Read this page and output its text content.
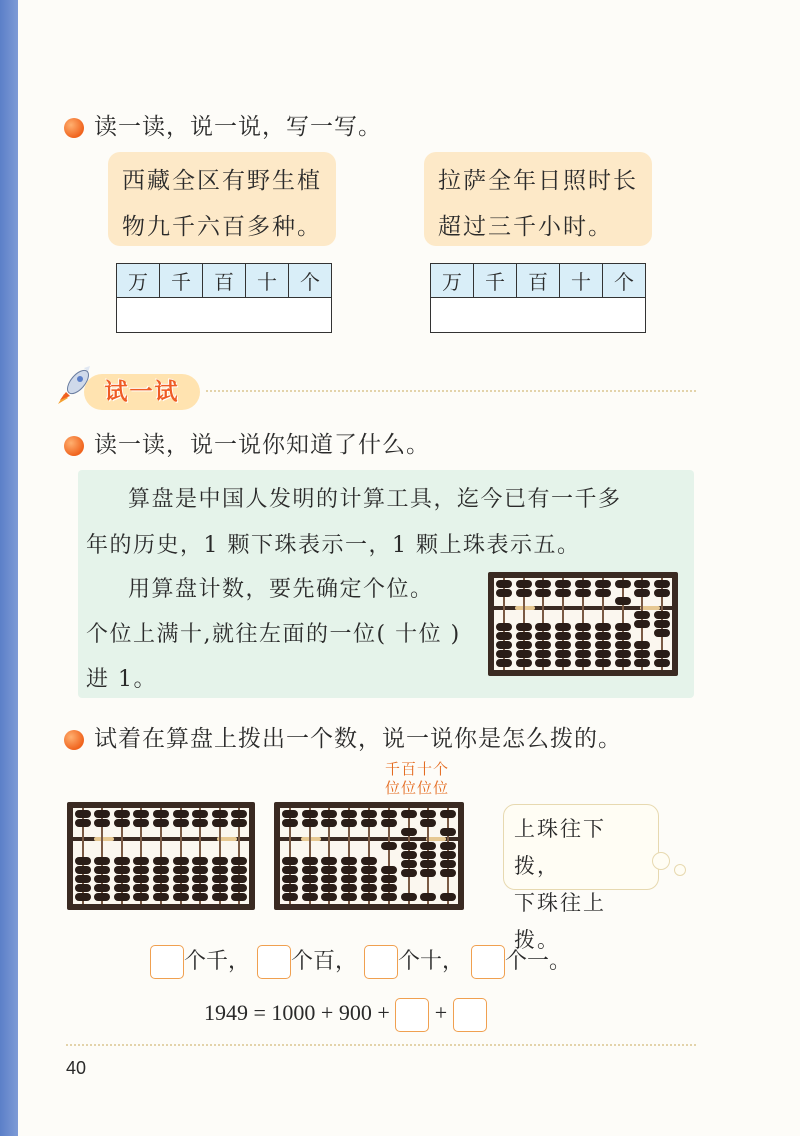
读一读，说一说，写一写。
西藏全区有野生植
物九千六百多种。
拉萨全年日照时长
超过三千小时。
万	千	百	十	个	万	千	百	十	个

试一试
读一读，说一说你知道了什么。
算盘是中国人发明的计算工具，迄今已有一千多
年的历史，1 颗下珠表示一，1 颗上珠表示五。
用算盘计数，要先确定个位。
个位上满十,就往左面的一位( 十位 )
进 1。
试着在算盘上拨出一个数，说一说你是怎么拨的。
千百十个
位位位位
上珠往下拨，
下珠往上拨。
个千， 个百， 个十， 个一。
1949 = 1000 + 900 + +
40
